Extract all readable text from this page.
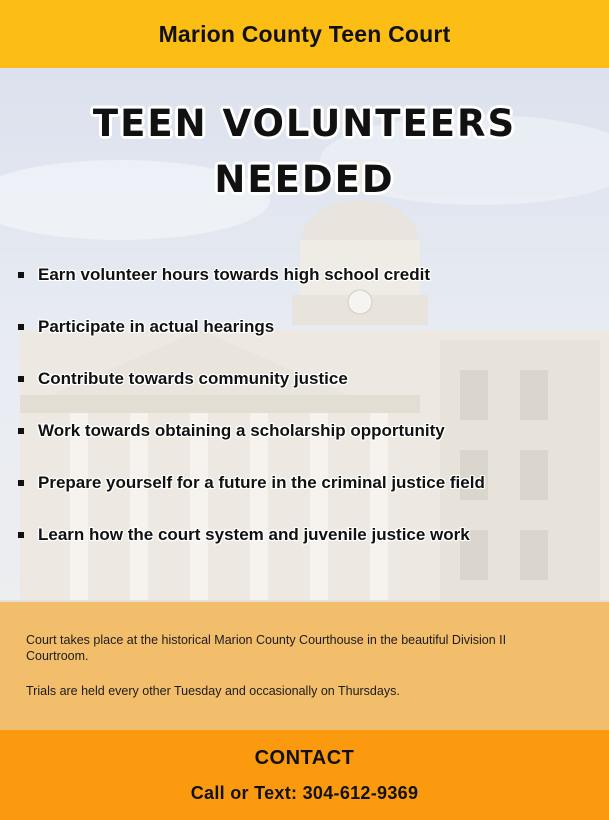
Marion County Teen Court
TEEN VOLUNTEERS
NEEDED
Earn volunteer hours towards high school credit
Participate in actual hearings
Contribute towards community justice
Work towards obtaining a scholarship opportunity
Prepare yourself for a future in the criminal justice field
Learn how the court system and juvenile justice work

Court takes place at the historical Marion County Courthouse in the beautiful Division II Courtroom.

Trials are held every other Tuesday and occasionally on Thursdays.

CONTACT
Call or Text: 304-612-9369
